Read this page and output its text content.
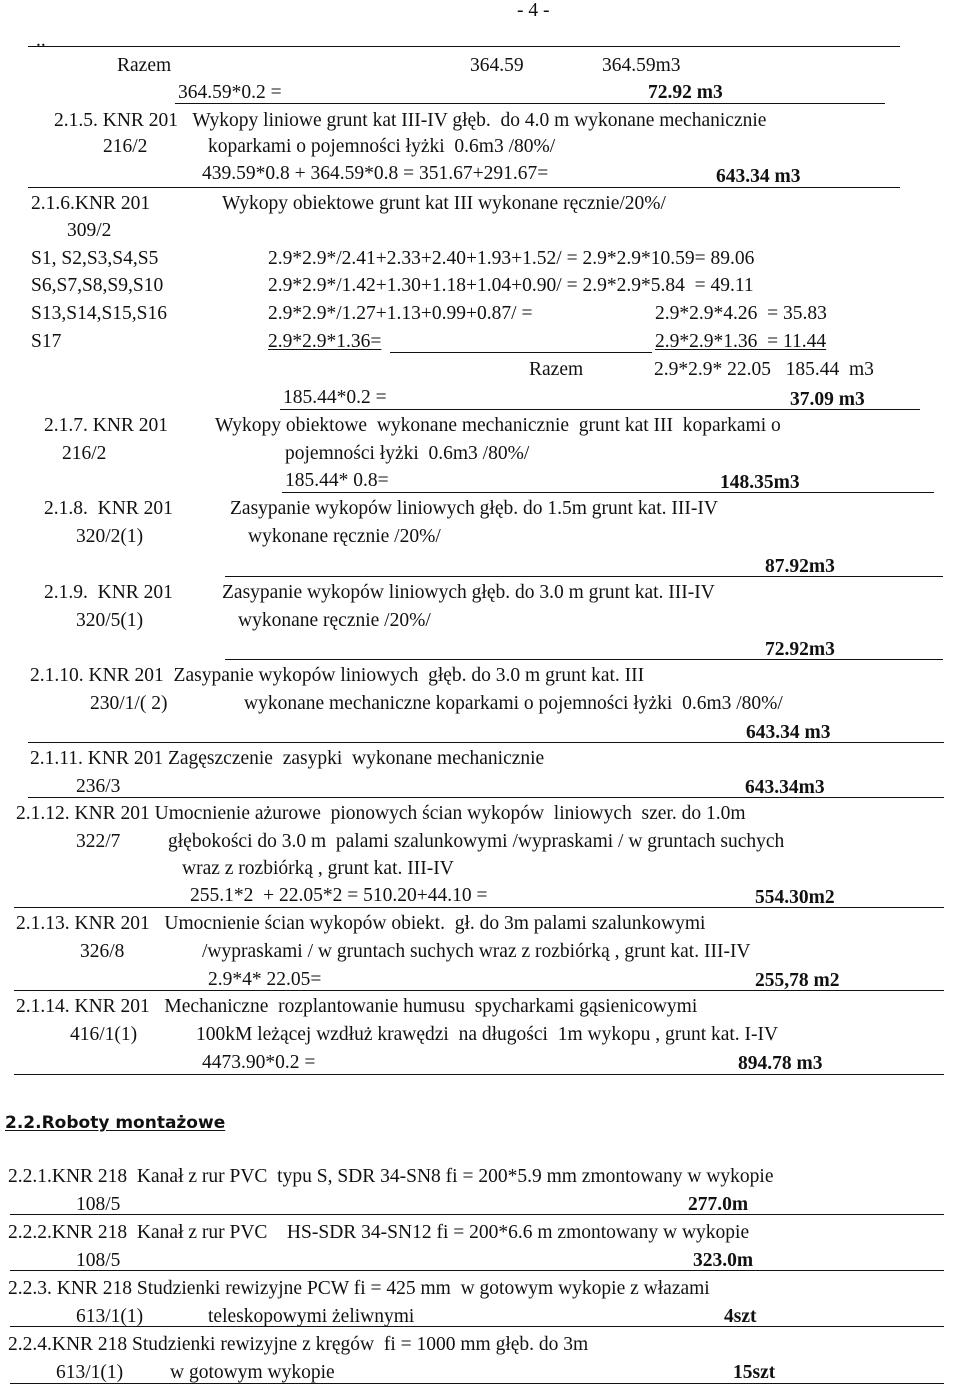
- 4 -
..
Razem	364.59	364.59m3
364.59*0.2 =	72.92 m3
2.1.5. KNR 201   Wykopy liniowe grunt kat III-IV głęb.  do 4.0 m wykonane mechanicznie
216/2	koparkami o pojemności łyżki  0.6m3 /80%/
439.59*0.8 + 364.59*0.8 = 351.67+291.67=	643.34 m3
2.1.6.KNR 201	Wykopy obiektowe grunt kat III wykonane ręcznie/20%/
309/2
S1, S2,S3,S4,S5	2.9*2.9*/2.41+2.33+2.40+1.93+1.52/ = 2.9*2.9*10.59= 89.06
S6,S7,S8,S9,S10	2.9*2.9*/1.42+1.30+1.18+1.04+0.90/ = 2.9*2.9*5.84  = 49.11
S13,S14,S15,S16	2.9*2.9*/1.27+1.13+0.99+0.87/ =	2.9*2.9*4.26  = 35.83
S17	2.9*2.9*1.36=	2.9*2.9*1.36  = 11.44
Razem	2.9*2.9* 22.05   185.44  m3
185.44*0.2 =	37.09 m3
2.1.7. KNR 201 Wykopy obiektowe  wykonane mechanicznie  grunt kat III  koparkami o
216/2	pojemności łyżki  0.6m3 /80%/
185.44* 0.8=	148.35m3
2.1.8.  KNR 201	Zasypanie wykopów liniowych głęb. do 1.5m grunt kat. III-IV
320/2(1)	wykonane ręcznie /20%/
87.92m3
2.1.9.  KNR 201	Zasypanie wykopów liniowych głęb. do 3.0 m grunt kat. III-IV
320/5(1)	wykonane ręcznie /20%/
72.92m3
2.1.10. KNR 201  Zasypanie wykopów liniowych  głęb. do 3.0 m grunt kat. III
230/1/( 2)	wykonane mechaniczne koparkami o pojemności łyżki  0.6m3 /80%/
643.34 m3
2.1.11. KNR 201 Zagęszczenie  zasypki  wykonane mechanicznie
236/3	643.34m3
2.1.12. KNR 201 Umocnienie ażurowe  pionowych ścian wykopów  liniowych  szer. do 1.0m
322/7 głębokości do 3.0 m  palami szalunkowymi /wypraskami / w gruntach suchych
wraz z rozbiórką , grunt kat. III-IV
255.1*2  + 22.05*2 = 510.20+44.10 =	554.30m2
2.1.13. KNR 201   Umocnienie ścian wykopów obiekt.  gł. do 3m palami szalunkowymi
326/8	/wypraskami / w gruntach suchych wraz z rozbiórką , grunt kat. III-IV
2.9*4* 22.05=	255,78 m2
2.1.14. KNR 201   Mechaniczne  rozplantowanie humusu  spycharkami gąsienicowymi
416/1(1)	100kM leżącej wzdłuż krawędzi  na długości  1m wykopu , grunt kat. I-IV
4473.90*0.2 =	894.78 m3
2.2.Roboty montażowe
2.2.1.KNR 218  Kanał z rur PVC  typu S, SDR 34-SN8 fi = 200*5.9 mm zmontowany w wykopie
108/5	277.0m
2.2.2.KNR 218  Kanał z rur PVC    HS-SDR 34-SN12 fi = 200*6.6 m zmontowany w wykopie
108/5	323.0m
2.2.3. KNR 218 Studzienki rewizyjne PCW fi = 425 mm  w gotowym wykopie z włazami
613/1(1)	teleskopowymi żeliwnymi	4szt
2.2.4.KNR 218 Studzienki rewizyjne z kręgów  fi = 1000 mm głęb. do 3m
613/1(1) w gotowym wykopie	15szt
